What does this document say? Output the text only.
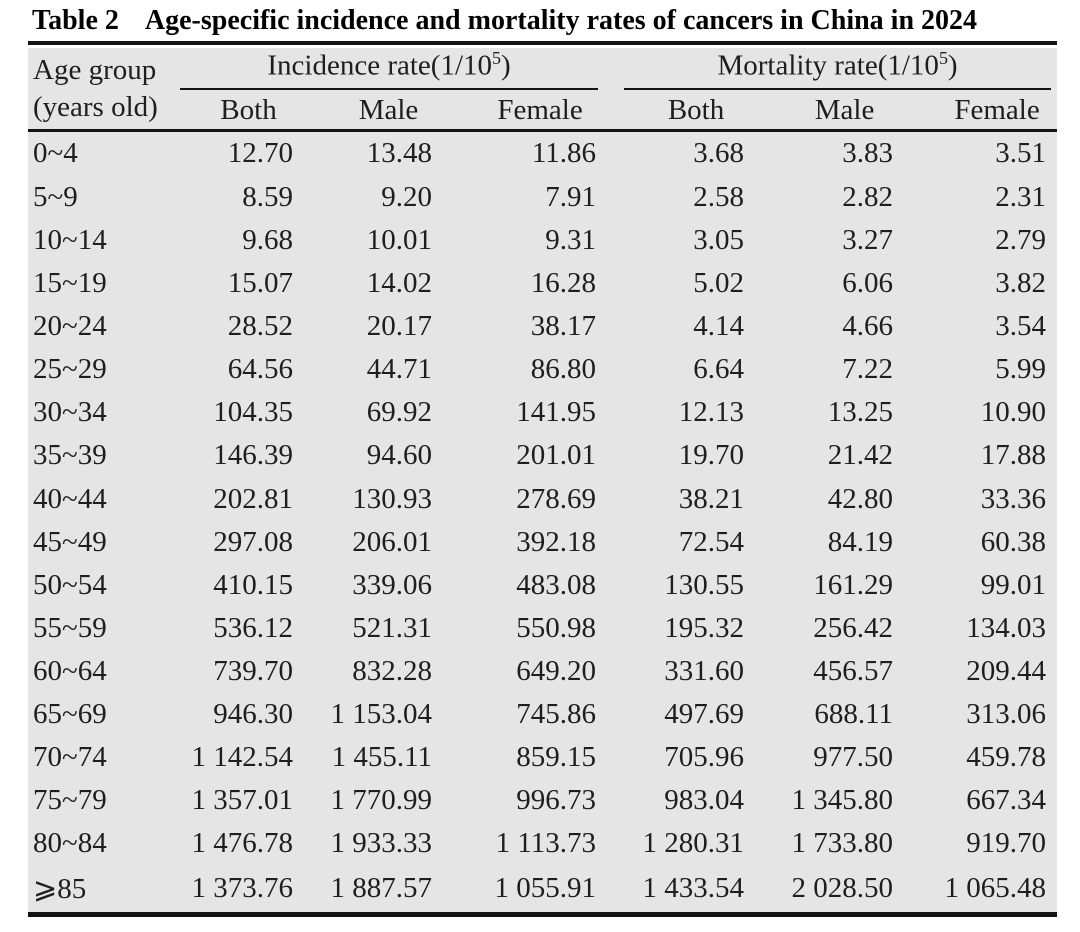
Table 2 Age-specific incidence and mortality rates of cancers in China in 2024
Age group
(years old)	Incidence $rate(1/10^5)$			Mortality $rate(1/10^5)$		

	Both	Male	Female	Both	Male	Female
0~4	12.70	13.48	11.86	3.68	3.83	3.51
5~9	8.59	9.20	7.91	2.58	2.82	2.31
10~14	9.68	10.01	9.31	3.05	3.27	2.79
15~19	15.07	14.02	16.28	5.02	6.06	3.82
20~24	28.52	20.17	38.17	4.14	4.66	3.54
25~29	64.56	44.71	86.80	6.64	7.22	5.99
30~34	104.35	69.92	141.95	12.13	13.25	10.90
35~39	146.39	94.60	201.01	19.70	21.42	17.88
40~44	202.81	130.93	278.69	38.21	42.80	33.36
45~49	297.08	206.01	392.18	72.54	84.19	60.38
50~54	410.15	339.06	483.08	130.55	161.29	99.01
55~59	536.12	521.31	550.98	195.32	256.42	134.03
60~64	739.70	832.28	649.20	331.60	456.57	209.44
65~69	946.30	1 153.04	745.86	497.69	688.11	313.06
70~74	1 142.54	1 455.11	859.15	705.96	977.50	459.78
75~79	1 357.01	1 770.99	996.73	983.04	1 345.80	667.34
80~84	1 476.78	1 933.33	1 113.73	1 280.31	1 733.80	919.70
⩾85	1 373.76	1 887.57	1 055.91	1 433.54	2 028.50	1 065.48
